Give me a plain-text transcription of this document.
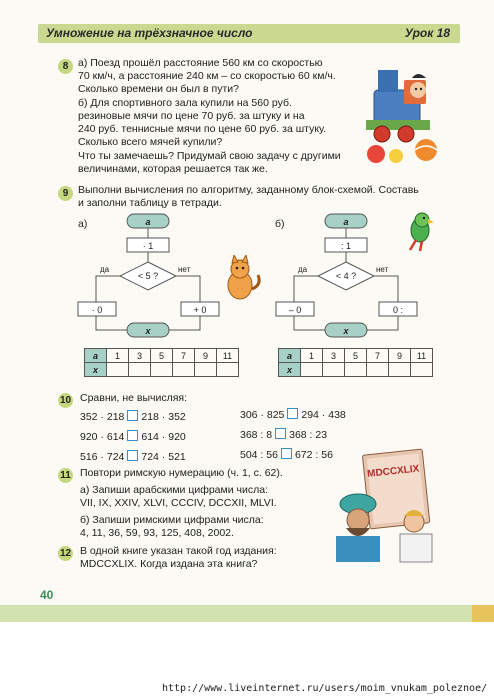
Умножение на трёхзначное число	Урок 18
8 а) Поезд прошёл расстояние 560 км со скоростью
70 км/ч, а расстояние 240 км – со скоростью 60 км/ч.
Сколько времени он был в пути?
б) Для спортивного зала купили на 560 руб.
резиновые мячи по цене 70 руб. за штуку и на
240 руб. теннисные мячи по цене 60 руб. за штуку.
Сколько всего мячей купили?
Что ты замечаешь? Придумай свою задачу с другими
величинами, которая решается так же.
9 Выполни вычисления по алгоритму, заданному блок-схемой. Составь
и заполни таблицу в тетради.
а)	a
· 1
< 5 ?
да	нет
· 0	+ 0
x
б)	a
: 1
< 4 ?
да	нет
– 0	0 :
x
a	1	3	5	7	9	11
x						
a	1	3	5	7	9	11
x						
10 Сравни, не вычисляя:
352 · 218 218 · 352
920 · 614 614 · 920
516 · 724 724 · 521
306 · 825 294 · 438
368 : 8 368 : 23
504 : 56 672 : 56
11 Повтори римскую нумерацию (ч. 1, с. 62).
а) Запиши арабскими цифрами числа:
VII, IX, XXIV, XLVI, CCCIV, DCCXII, MLVI.
б) Запиши римскими цифрами числа:
4, 11, 36, 59, 93, 125, 408, 2002.
MDCCXLIX
12 В одной книге указан такой год издания:
MDCCXLIX. Когда издана эта книга?
40
http://www.liveinternet.ru/users/moim_vnukam_poleznoe/
